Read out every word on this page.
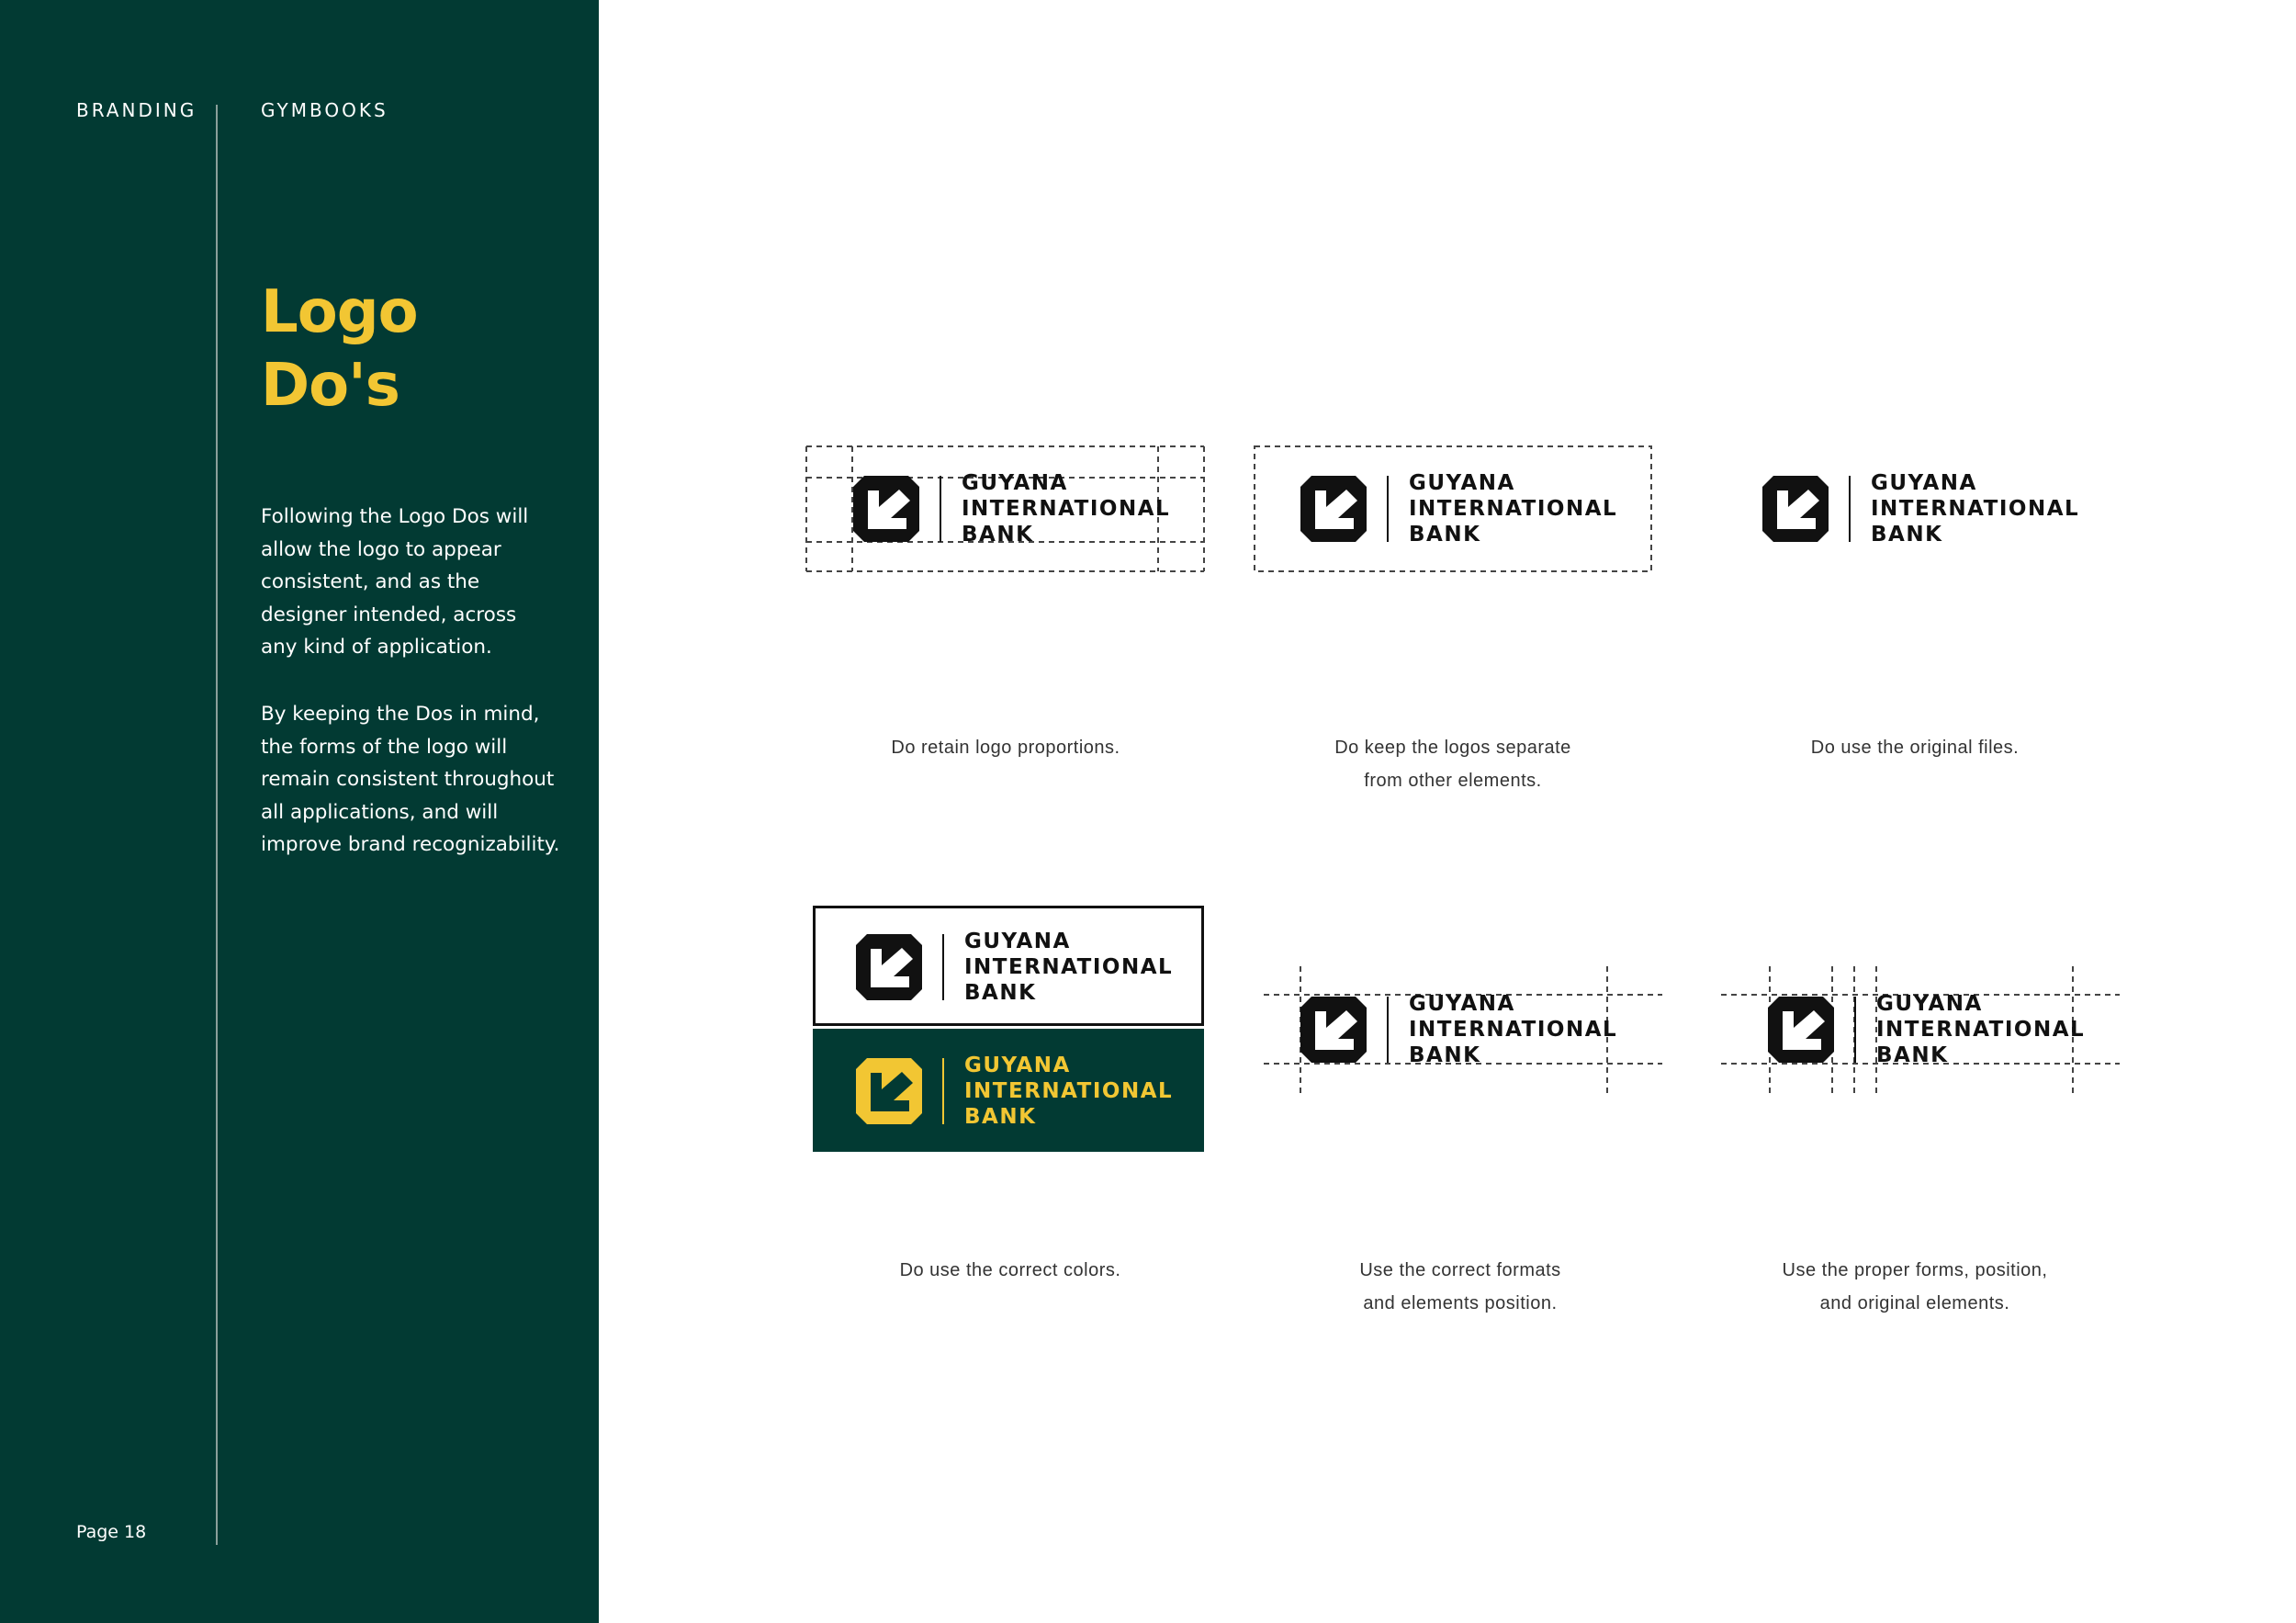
BRANDING	GYMBOOKS
Logo
Do's
Following the Logo Dos will
allow the logo to appear
consistent, and as the
designer intended, across
any kind of application.
By keeping the Dos in mind,
the forms of the logo will
remain consistent throughout
all applications, and will
improve brand recognizability.
Page 18
GUYANA
INTERNATIONAL
BANK
GUYANA
INTERNATIONAL
BANK
GUYANA
INTERNATIONAL
BANK
GUYANA
INTERNATIONAL
BANK
GUYANA
INTERNATIONAL
BANK
GUYANA
INTERNATIONAL
BANK
GUYANA
INTERNATIONAL
BANK
Do retain logo proportions.	Do keep the logos separate
from other elements.
Do use the original files.
Do use the correct colors.	Use the correct formats
and elements position.
Use the proper forms, position,
and original elements.
